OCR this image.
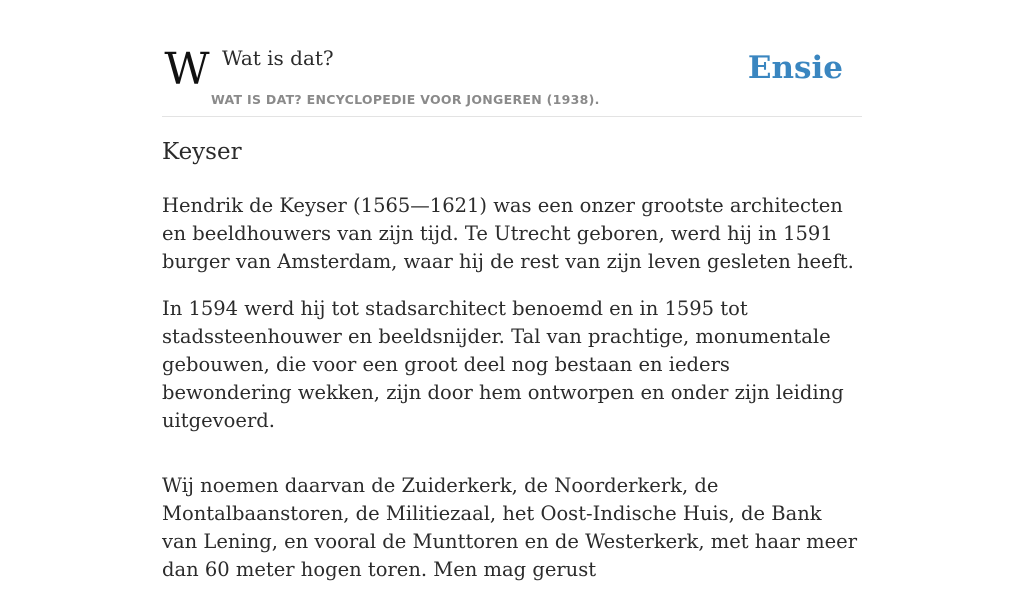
W Wat is dat?
WAT IS DAT? ENCYCLOPEDIE VOOR JONGEREN (1938).
Ensie
Keyser

Hendrik de Keyser (1565—1621) was een onzer grootste architecten en beeldhouwers van zijn tijd. Te Utrecht geboren, werd hij in 1591 burger van Amsterdam, waar hij de rest van zijn leven gesleten heeft.

In 1594 werd hij tot stadsarchitect benoemd en in 1595 tot stadssteenhouwer en beeldsnijder. Tal van prachtige, monumentale gebouwen, die voor een groot deel nog bestaan en ieders bewondering wekken, zijn door hem ontworpen en onder zijn leiding uitgevoerd.

Wij noemen daarvan de Zuiderkerk, de Noorderkerk, de Montalbaanstoren, de Militiezaal, het Oost-Indische Huis, de Bank van Lening, en vooral de Munttoren en de Westerkerk, met haar meer dan 60 meter hogen toren. Men mag gerust
